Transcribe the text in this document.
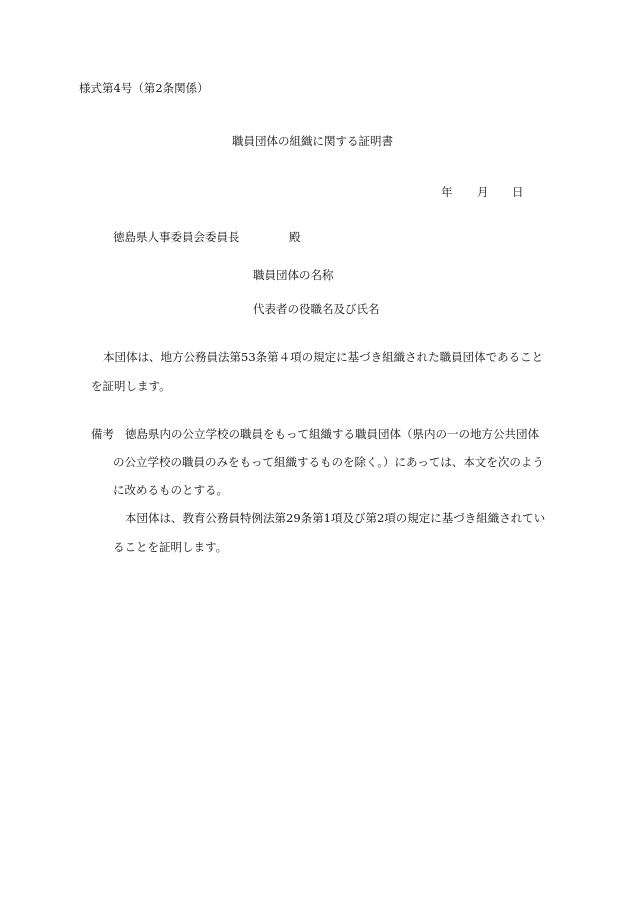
様式第4号（第2条関係）

職員団体の組織に関する証明書

年 月 日
徳島県人事委員会委員長	殿

職員団体の名称

代表者の役職名及び氏名

本団体は、地方公務員法第53条第４項の規定に基づき組織された職員団体であること

を証明します。

備考 徳島県内の公立学校の職員をもって組織する職員団体（県内の一の地方公共団体

の公立学校の職員のみをもって組織するものを除く。）にあっては、本文を次のよう

に改めるものとする。

本団体は、教育公務員特例法第29条第1項及び第2項の規定に基づき組織されてい

ることを証明します。
